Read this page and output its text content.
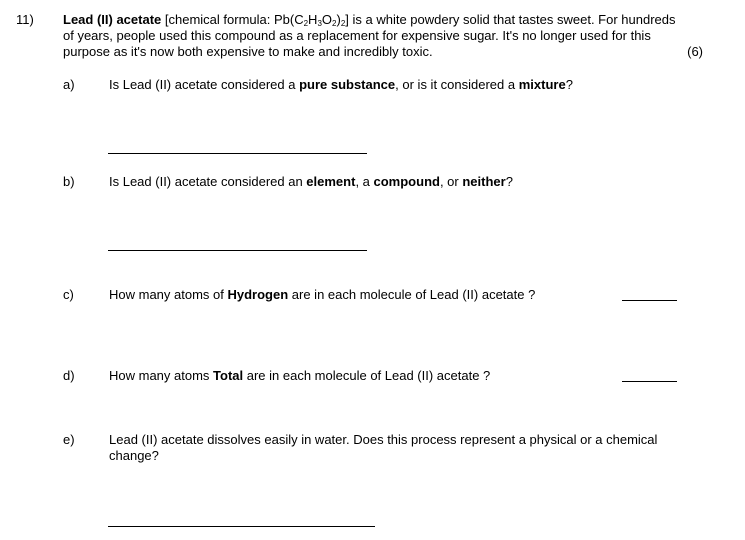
11) Lead (II) acetate [chemical formula: $Pb(C_2H_3O_2)_2$] is a white powdery solid that tastes sweet. For hundreds of years, people used this compound as a replacement for expensive sugar. It's no longer used for this purpose as it's now both expensive to make and incredibly toxic.	(6)
a)	Is Lead (II) acetate considered a pure substance, or is it considered a mixture?
b)	Is Lead (II) acetate considered an element, a compound, or neither?
c)	How many atoms of Hydrogen are in each molecule of Lead (II) acetate ?
d)	How many atoms Total are in each molecule of Lead (II) acetate ?
e)	Lead (II) acetate dissolves easily in water. Does this process represent a physical or a chemical change?
